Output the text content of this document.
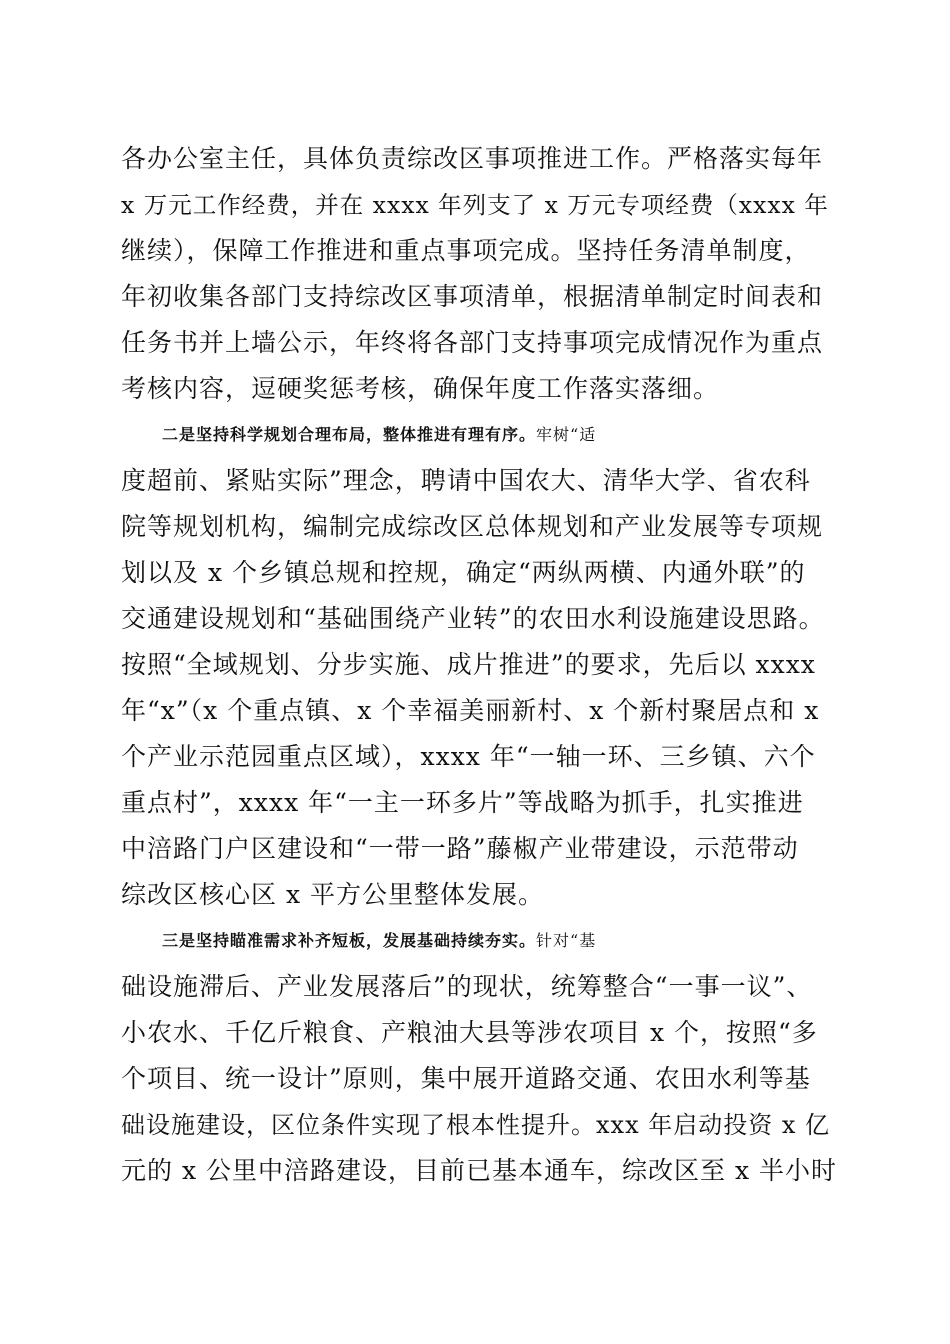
各办公室主任，具体负责综改区事项推进工作。严格落实每年
x 万元工作经费，并在 xxxx 年列支了 x 万元专项经费（xxxx 年
继续），保障工作推进和重点事项完成。坚持任务清单制度，
年初收集各部门支持综改区事项清单，根据清单制定时间表和
任务书并上墙公示，年终将各部门支持事项完成情况作为重点
考核内容，逗硬奖惩考核，确保年度工作落实落细。
二是坚持科学规划合理布局，整体推进有理有序。牢树“适
度超前、紧贴实际”理念，聘请中国农大、清华大学、省农科
院等规划机构，编制完成综改区总体规划和产业发展等专项规
划以及 x 个乡镇总规和控规，确定“两纵两横、内通外联”的
交通建设规划和“基础围绕产业转”的农田水利设施建设思路。
按照“全域规划、分步实施、成片推进”的要求，先后以 xxxx
年“x”（x 个重点镇、x 个幸福美丽新村、x 个新村聚居点和 x
个产业示范园重点区域），xxxx 年“一轴一环、三乡镇、六个
重点村”，xxxx 年“一主一环多片”等战略为抓手，扎实推进
中涪路门户区建设和“一带一路”藤椒产业带建设，示范带动
综改区核心区 x 平方公里整体发展。
三是坚持瞄准需求补齐短板，发展基础持续夯实。针对“基
础设施滞后、产业发展落后”的现状，统筹整合“一事一议”、
小农水、千亿斤粮食、产粮油大县等涉农项目 x 个，按照“多
个项目、统一设计”原则，集中展开道路交通、农田水利等基
础设施建设，区位条件实现了根本性提升。xxx 年启动投资 x 亿
元的 x 公里中涪路建设，目前已基本通车，综改区至 x 半小时
